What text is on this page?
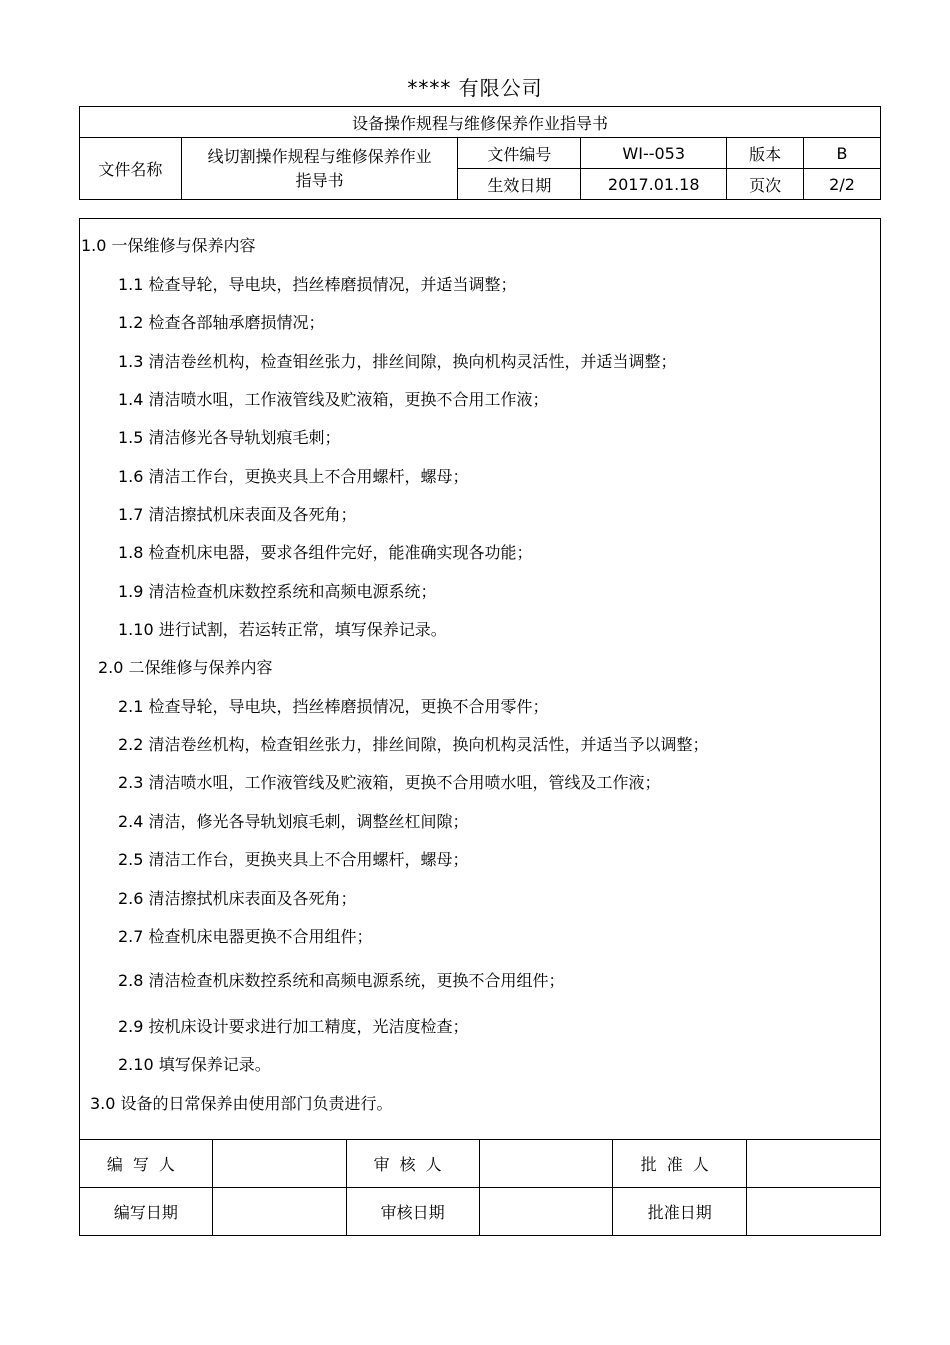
**** 有限公司
设备操作规程与维修保养作业指导书					
文件名称	线切割操作规程与维修保养作业指导书	文件编号	WI--053	版本	B
		生效日期	2017.01.18	页次	2/2
1.0 一保维修与保养内容
1.1 检查导轮，导电块，挡丝棒磨损情况，并适当调整；
1.2 检查各部轴承磨损情况；
1.3 清洁卷丝机构，检查钼丝张力，排丝间隙，换向机构灵活性，并适当调整；
1.4 清洁喷水咀，工作液管线及贮液箱，更换不合用工作液；
1.5 清洁修光各导轨划痕毛刺；
1.6 清洁工作台，更换夹具上不合用螺杆，螺母；
1.7 清洁擦拭机床表面及各死角；
1.8 检查机床电器，要求各组件完好，能准确实现各功能；
1.9 清洁检查机床数控系统和高频电源系统；
1.10 进行试割，若运转正常，填写保养记录。
2.0 二保维修与保养内容
2.1 检查导轮，导电块，挡丝棒磨损情况，更换不合用零件；
2.2 清洁卷丝机构，检查钼丝张力，排丝间隙，换向机构灵活性，并适当予以调整；
2.3 清洁喷水咀，工作液管线及贮液箱，更换不合用喷水咀，管线及工作液；
2.4 清洁，修光各导轨划痕毛刺，调整丝杠间隙；
2.5 清洁工作台，更换夹具上不合用螺杆，螺母；
2.6 清洁擦拭机床表面及各死角；
2.7 检查机床电器更换不合用组件；
2.8 清洁检查机床数控系统和高频电源系统，更换不合用组件；
2.9 按机床设计要求进行加工精度，光洁度检查；
2.10 填写保养记录。
3.0 设备的日常保养由使用部门负责进行。
编写人		审核人		批准人	
编写日期		审核日期		批准日期	
